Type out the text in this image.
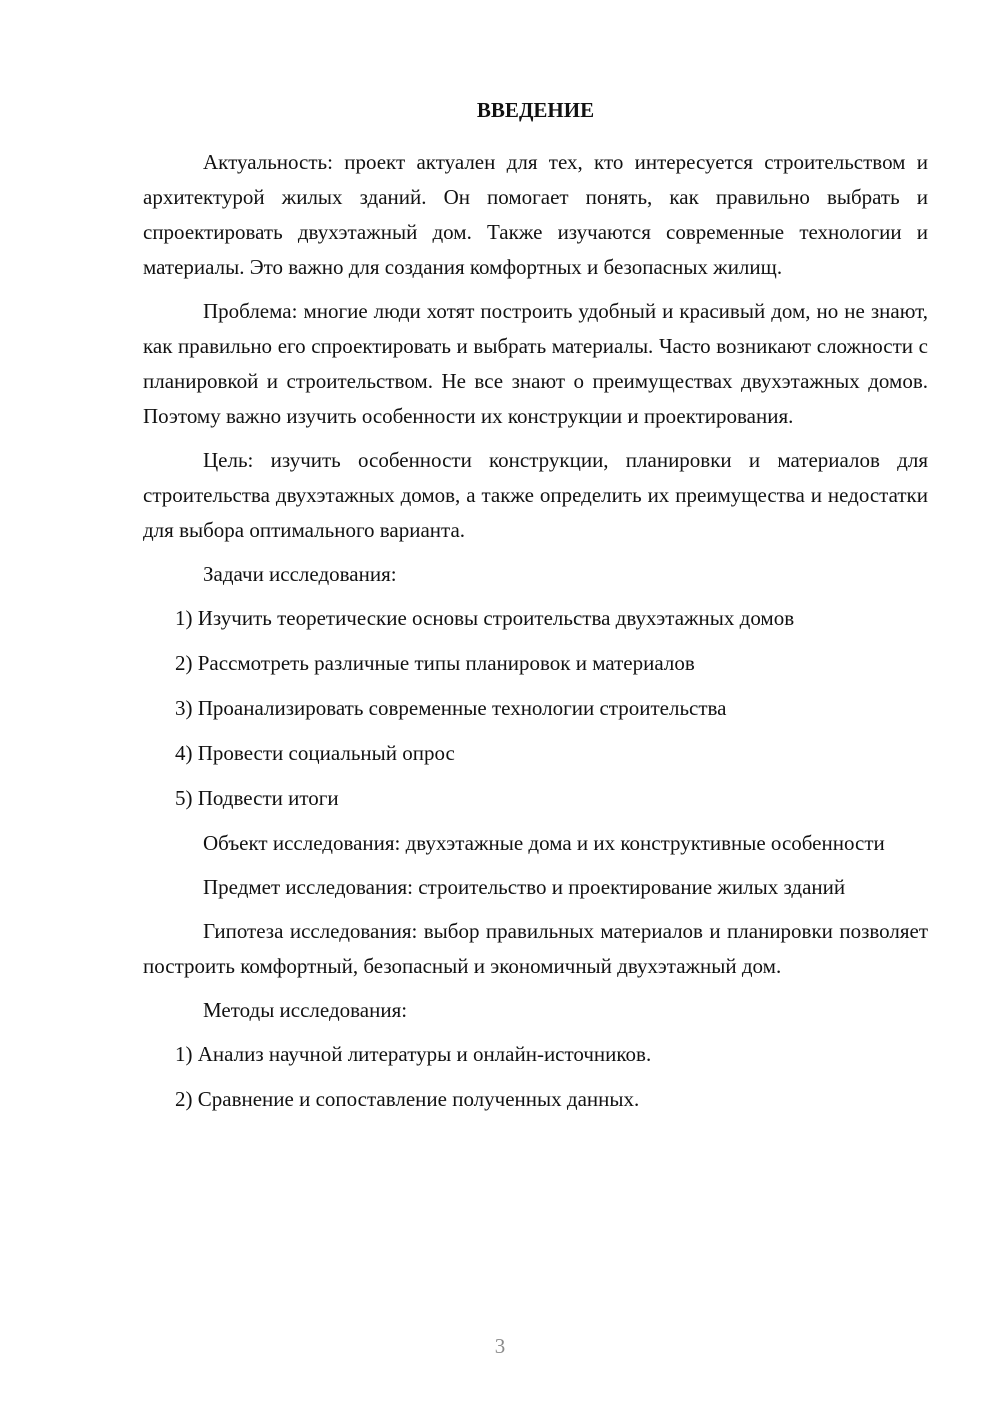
ВВЕДЕНИЕ

Актуальность: проект актуален для тех, кто интересуется строительством и архитектурой жилых зданий. Он помогает понять, как правильно выбрать и спроектировать двухэтажный дом. Также изучаются современные технологии и материалы. Это важно для создания комфортных и безопасных жилищ.

Проблема: многие люди хотят построить удобный и красивый дом, но не знают, как правильно его спроектировать и выбрать материалы. Часто возникают сложности с планировкой и строительством. Не все знают о преимуществах двухэтажных домов. Поэтому важно изучить особенности их конструкции и проектирования.

Цель: изучить особенности конструкции, планировки и материалов для строительства двухэтажных домов, а также определить их преимущества и недостатки для выбора оптимального варианта.

Задачи исследования:

1) Изучить теоретические основы строительства двухэтажных домов
2) Рассмотреть различные типы планировок и материалов
3) Проанализировать современные технологии строительства
4) Провести социальный опрос
5) Подвести итоги

Объект исследования: двухэтажные дома и их конструктивные особенности

Предмет исследования: строительство и проектирование жилых зданий

Гипотеза исследования: выбор правильных материалов и планировки позволяет построить комфортный, безопасный и экономичный двухэтажный дом.

Методы исследования:

1) Анализ научной литературы и онлайн-источников.
2) Сравнение и сопоставление полученных данных.
3
